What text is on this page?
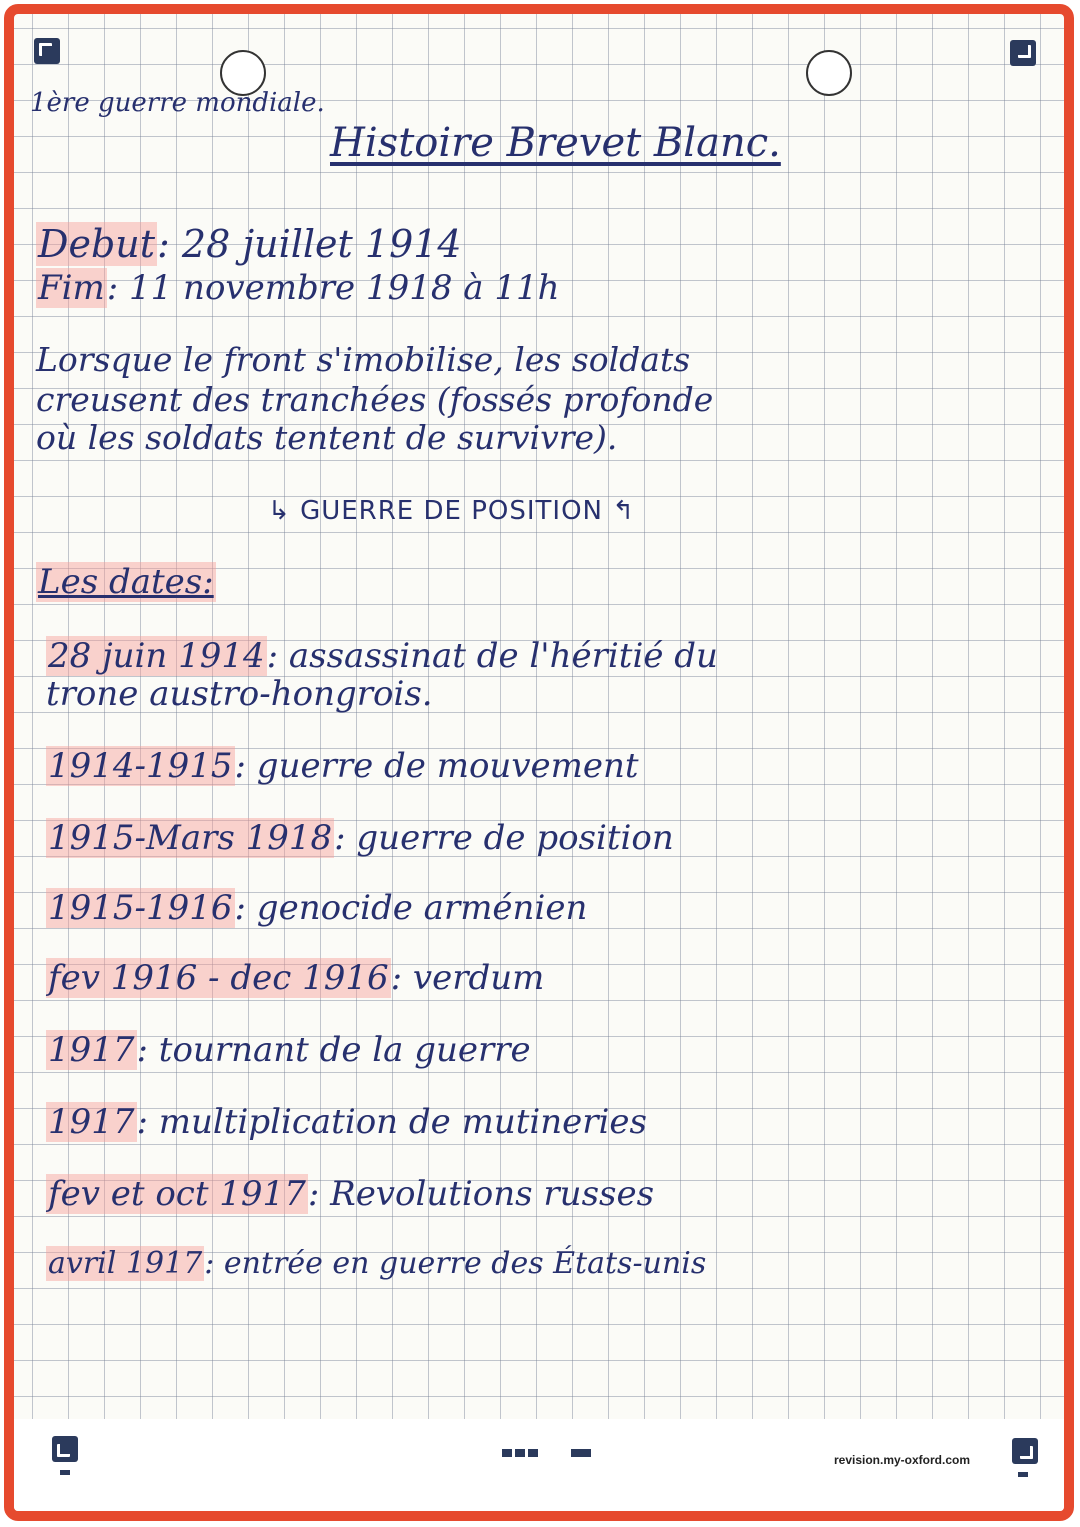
revision.my-oxford.com
1ère guerre mondiale.
Histoire Brevet Blanc.
Debut: 28 juillet 1914
Fim: 11 novembre 1918 à 11h
Lorsque le front s'imobilise, les soldats
creusent des tranchées (fossés profonde
où les soldats tentent de survivre).
↳ GUERRE DE POSITION ↰
Les dates:
28 juin 1914: assassinat de l'héritié du
trone austro-hongrois.
1914-1915: guerre de mouvement
1915-Mars 1918: guerre de position
1915-1916: genocide arménien
fev 1916 - dec 1916: verdum
1917: tournant de la guerre
1917: multiplication de mutineries
fev et oct 1917: Revolutions russes
avril 1917: entrée en guerre des États-unis
